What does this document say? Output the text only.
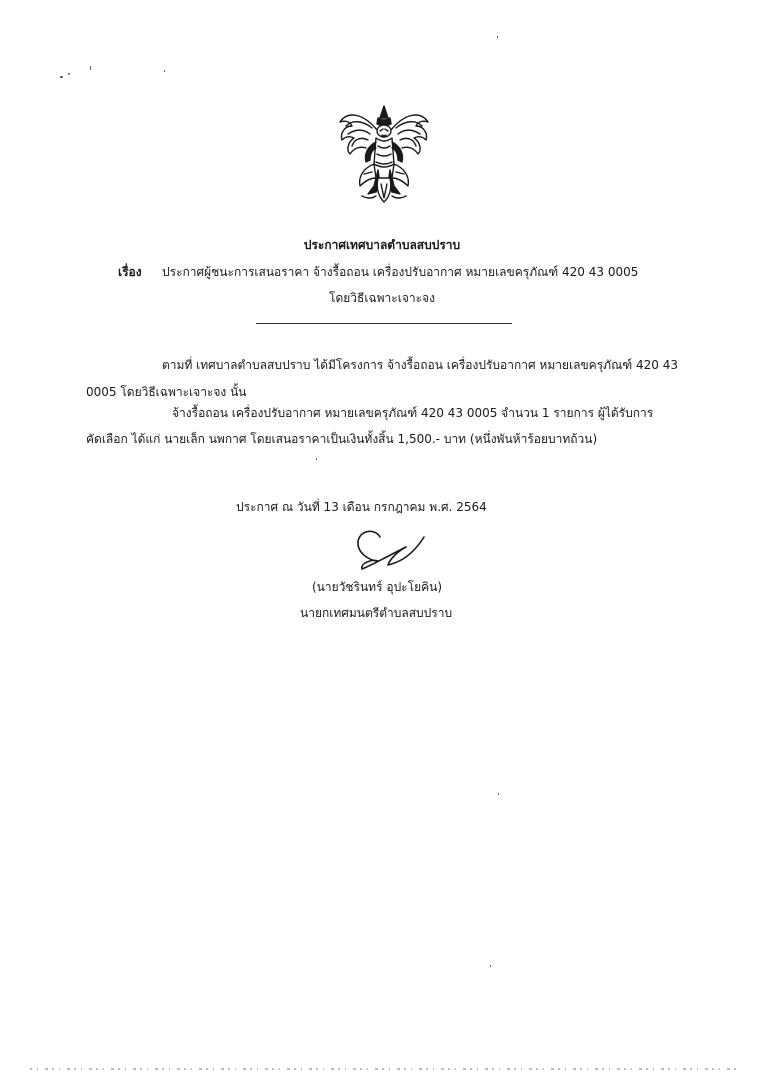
ประกาศเทศบาลตำบลสบปราบ
เรื่อง ประกาศผู้ชนะการเสนอราคา จ้างรื้อถอน เครื่องปรับอากาศ หมายเลขครุภัณฑ์ 420 43 0005
โดยวิธีเฉพาะเจาะจง
ตามที่ เทศบาลตำบลสบปราบ ได้มีโครงการ จ้างรื้อถอน เครื่องปรับอากาศ หมายเลขครุภัณฑ์ 420 43
0005 โดยวิธีเฉพาะเจาะจง นั้น
จ้างรื้อถอน เครื่องปรับอากาศ หมายเลขครุภัณฑ์ 420 43 0005 จำนวน 1 รายการ ผู้ได้รับการ
คัดเลือก ได้แก่ นายเล็ก นพกาศ โดยเสนอราคาเป็นเงินทั้งสิ้น 1,500.- บาท (หนึ่งพันห้าร้อยบาทถ้วน)
ประกาศ ณ วันที่ 13 เดือน กรกฎาคม พ.ศ. 2564
(นายวัชรินทร์ อุปะโยคิน)
นายกเทศมนตรีตำบลสบปราบ
